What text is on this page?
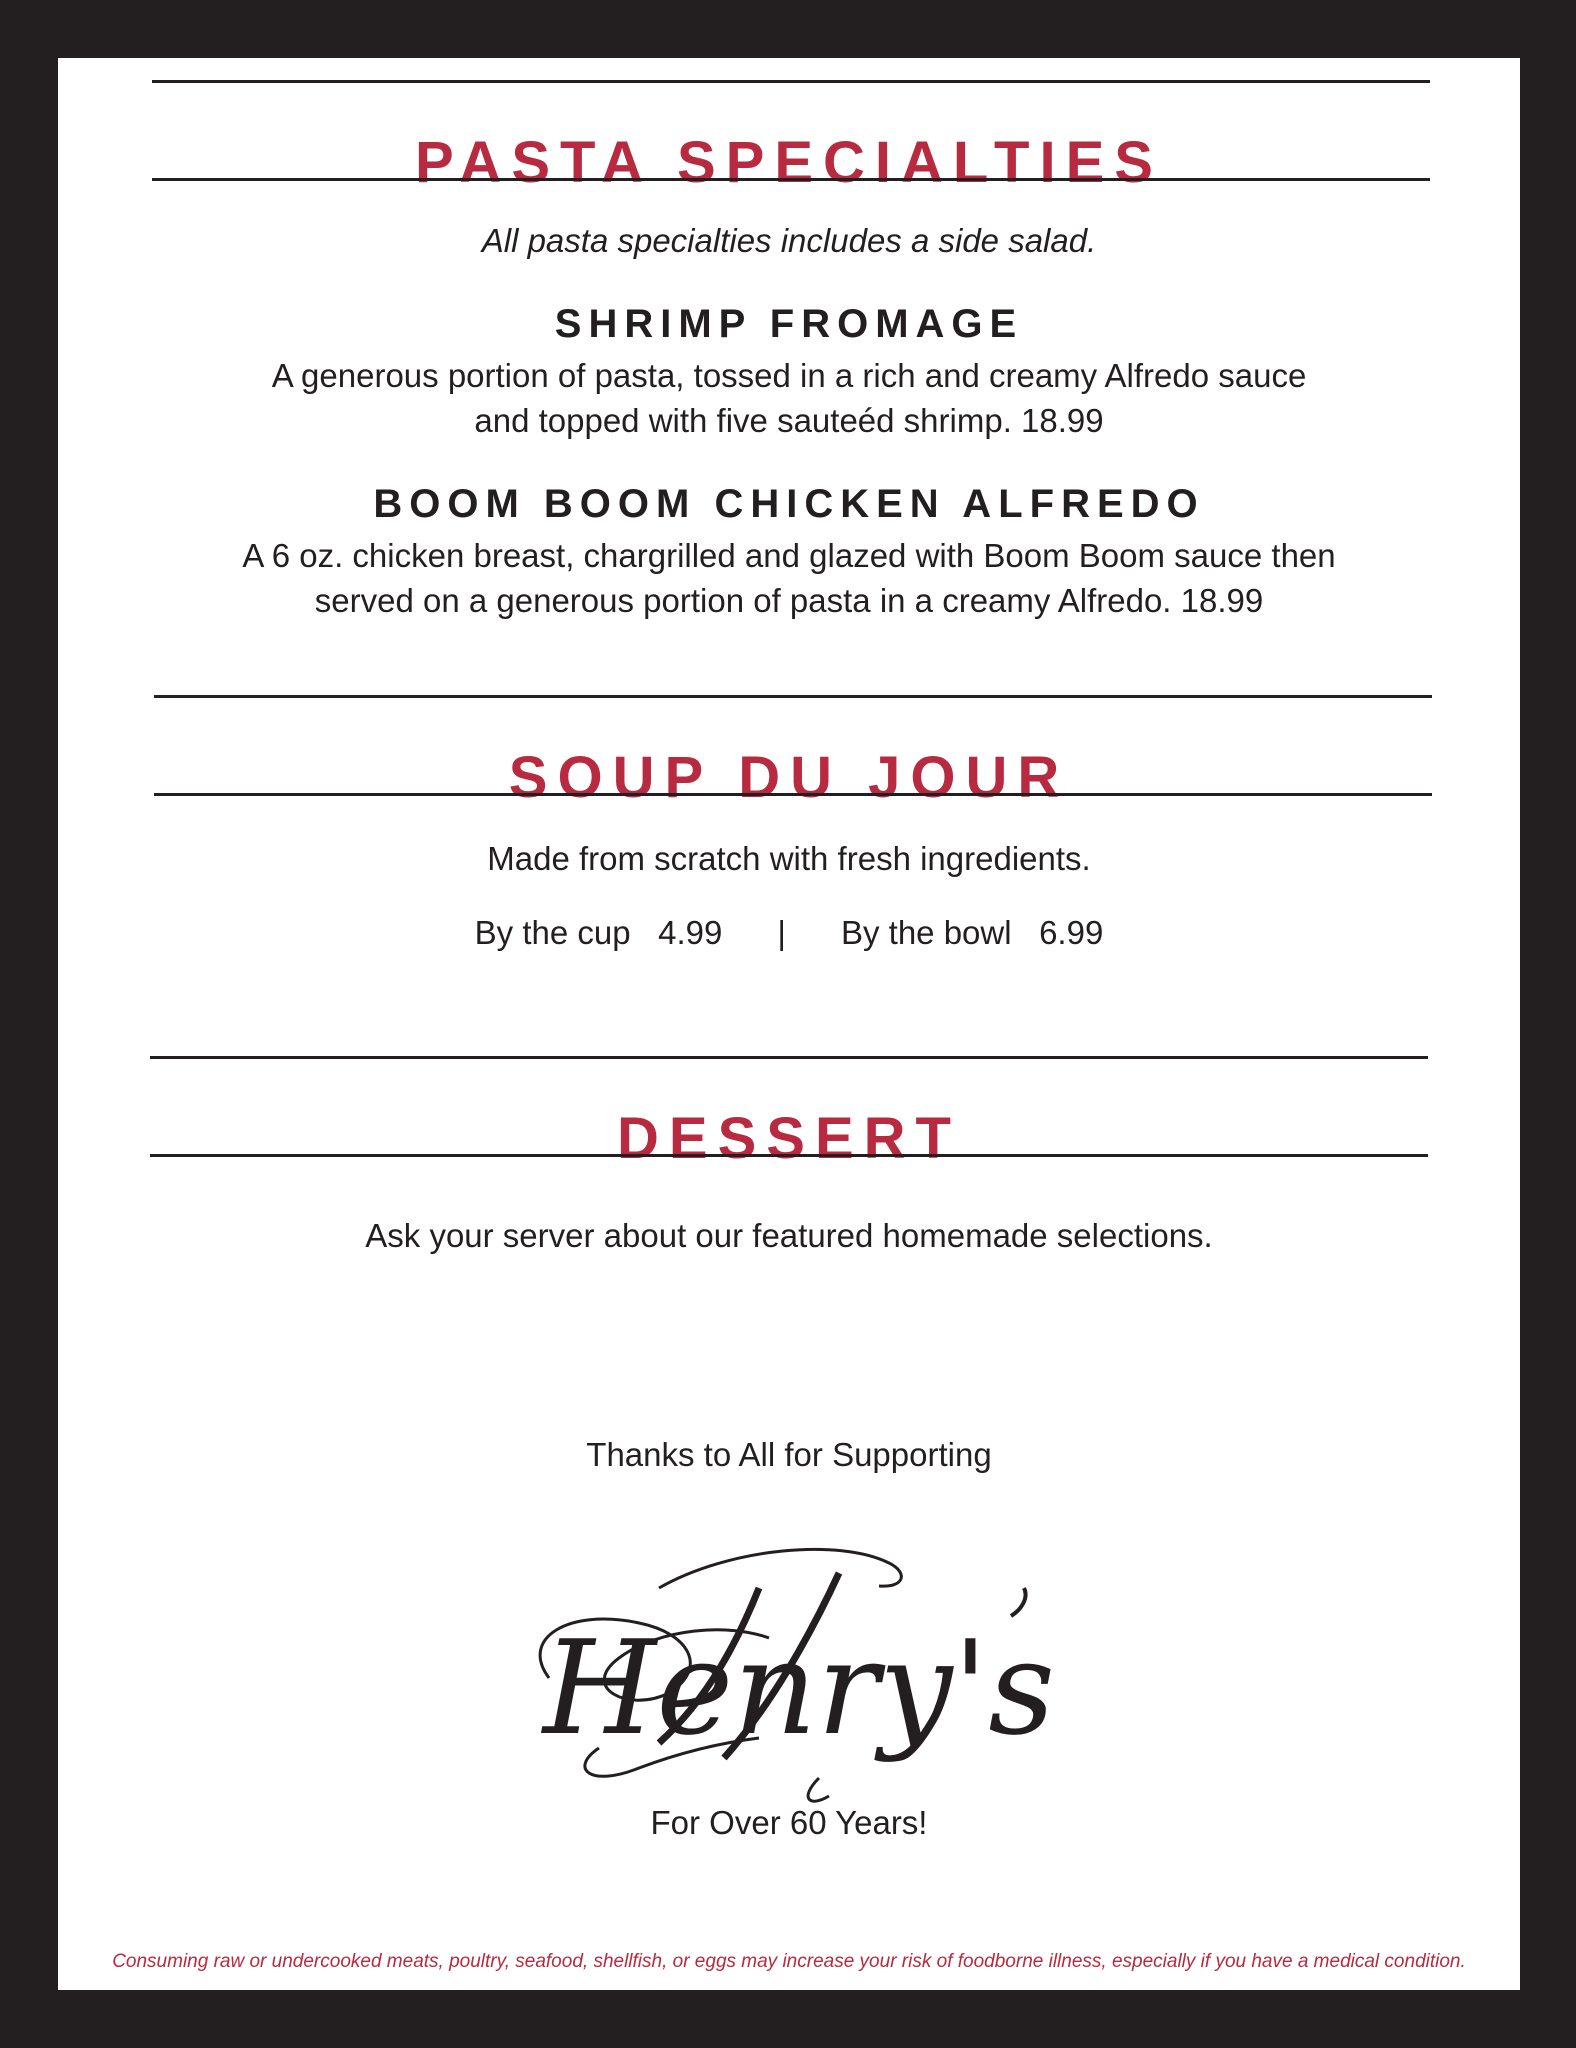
PASTA SPECIALTIES
All pasta specialties includes a side salad.
SHRIMP FROMAGE
A generous portion of pasta, tossed in a rich and creamy Alfredo sauce
and topped with five sauteéd shrimp. 18.99
BOOM BOOM CHICKEN ALFREDO
A 6 oz. chicken breast, chargrilled and glazed with Boom Boom sauce then
served on a generous portion of pasta in a creamy Alfredo. 18.99
SOUP DU JOUR
Made from scratch with fresh ingredients.
By the cup 4.99 | By the bowl 6.99
DESSERT
Ask your server about our featured homemade selections.
Thanks to All for Supporting
Henry's
For Over 60 Years!
Consuming raw or undercooked meats, poultry, seafood, shellfish, or eggs may increase your risk of foodborne illness, especially if you have a medical condition.
